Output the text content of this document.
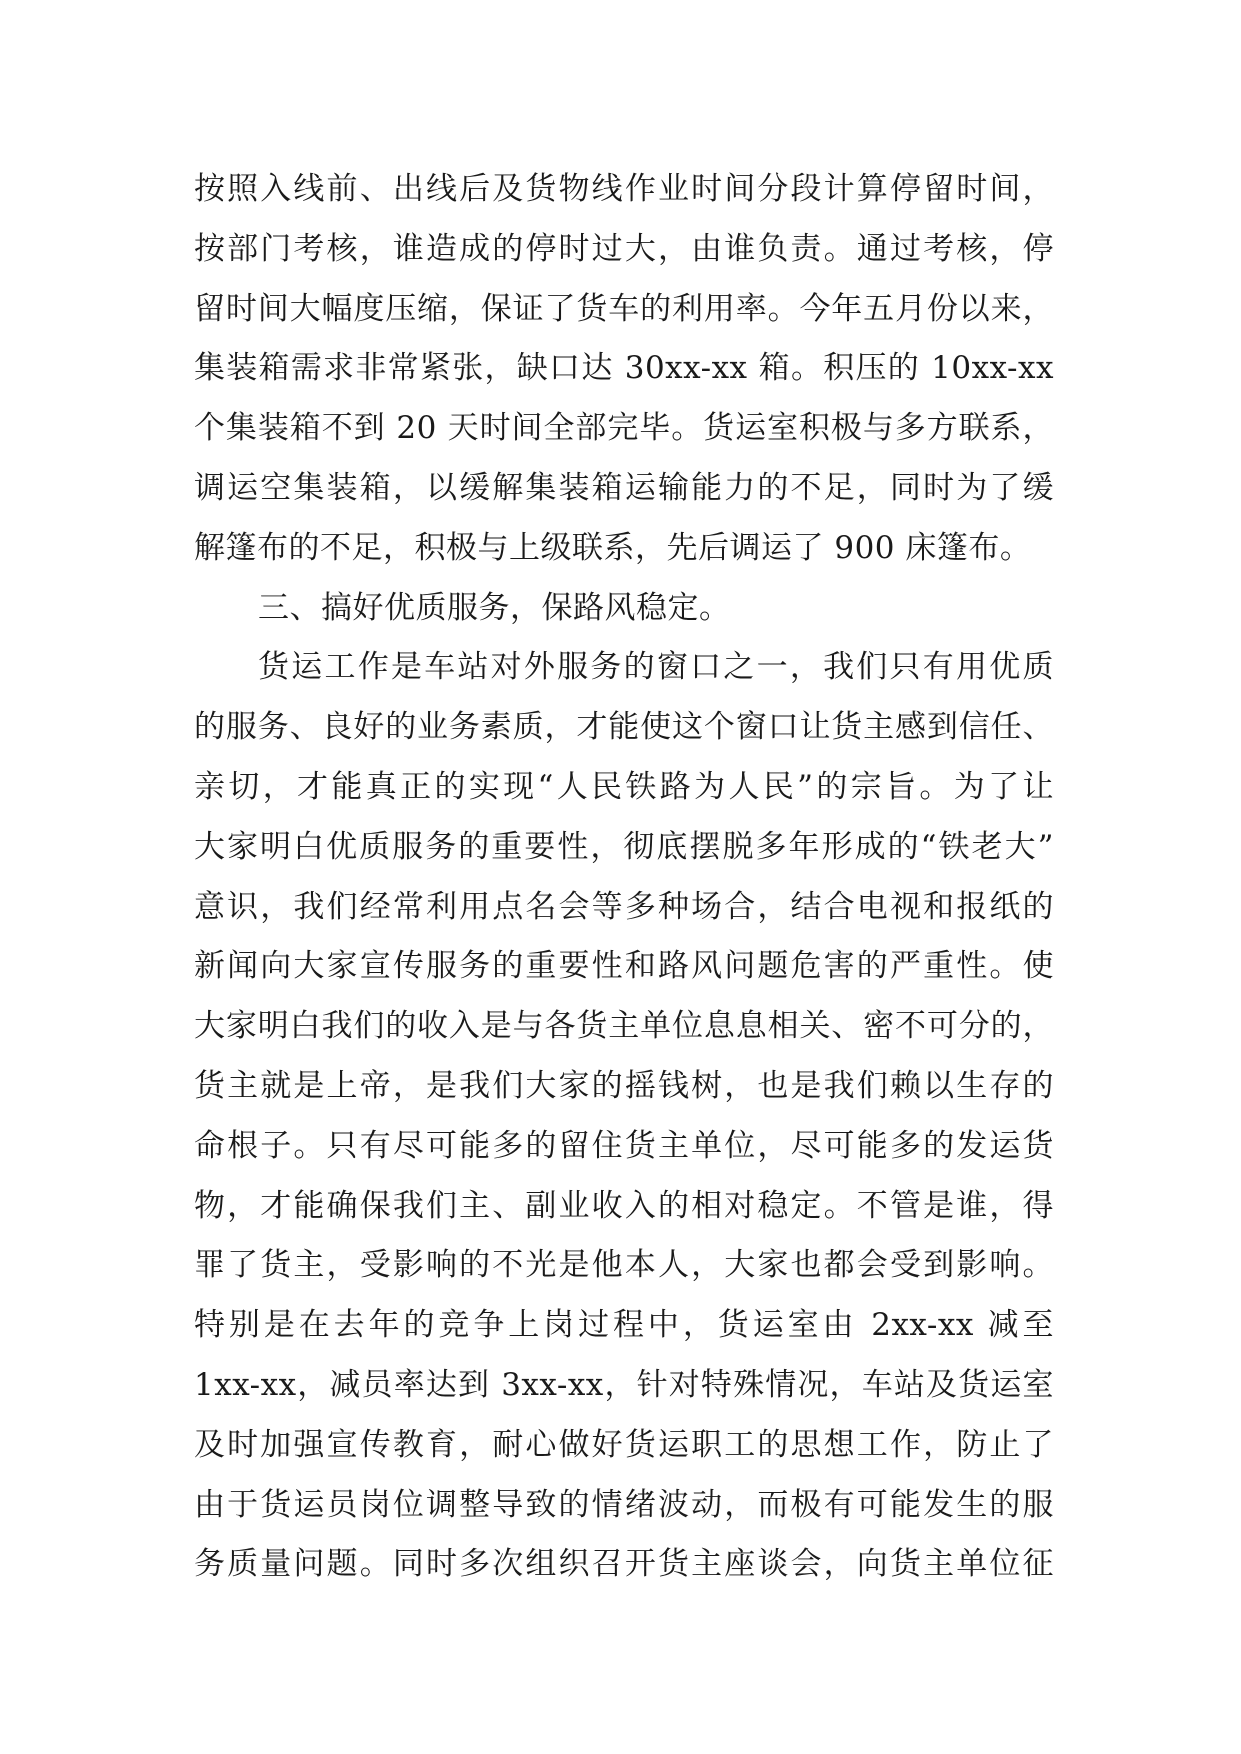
按照入线前、出线后及货物线作业时间分段计算停留时间，
按部门考核，谁造成的停时过大，由谁负责。通过考核，停
留时间大幅度压缩，保证了货车的利用率。今年五月份以来，
集装箱需求非常紧张，缺口达 30xx-xx 箱。积压的 10xx-xx
个集装箱不到 20 天时间全部完毕。货运室积极与多方联系，
调运空集装箱，以缓解集装箱运输能力的不足，同时为了缓
解篷布的不足，积极与上级联系，先后调运了 900 床篷布。
三、搞好优质服务，保路风稳定。
货运工作是车站对外服务的窗口之一，我们只有用优质
的服务、良好的业务素质，才能使这个窗口让货主感到信任、
亲切，才能真正的实现“人民铁路为人民”的宗旨。为了让
大家明白优质服务的重要性，彻底摆脱多年形成的“铁老大”
意识，我们经常利用点名会等多种场合，结合电视和报纸的
新闻向大家宣传服务的重要性和路风问题危害的严重性。使
大家明白我们的收入是与各货主单位息息相关、密不可分的，
货主就是上帝，是我们大家的摇钱树，也是我们赖以生存的
命根子。只有尽可能多的留住货主单位，尽可能多的发运货
物，才能确保我们主、副业收入的相对稳定。不管是谁，得
罪了货主，受影响的不光是他本人，大家也都会受到影响。
特别是在去年的竞争上岗过程中，货运室由 2xx-xx 减至
1xx-xx，减员率达到 3xx-xx，针对特殊情况，车站及货运室
及时加强宣传教育，耐心做好货运职工的思想工作，防止了
由于货运员岗位调整导致的情绪波动，而极有可能发生的服
务质量问题。同时多次组织召开货主座谈会，向货主单位征
